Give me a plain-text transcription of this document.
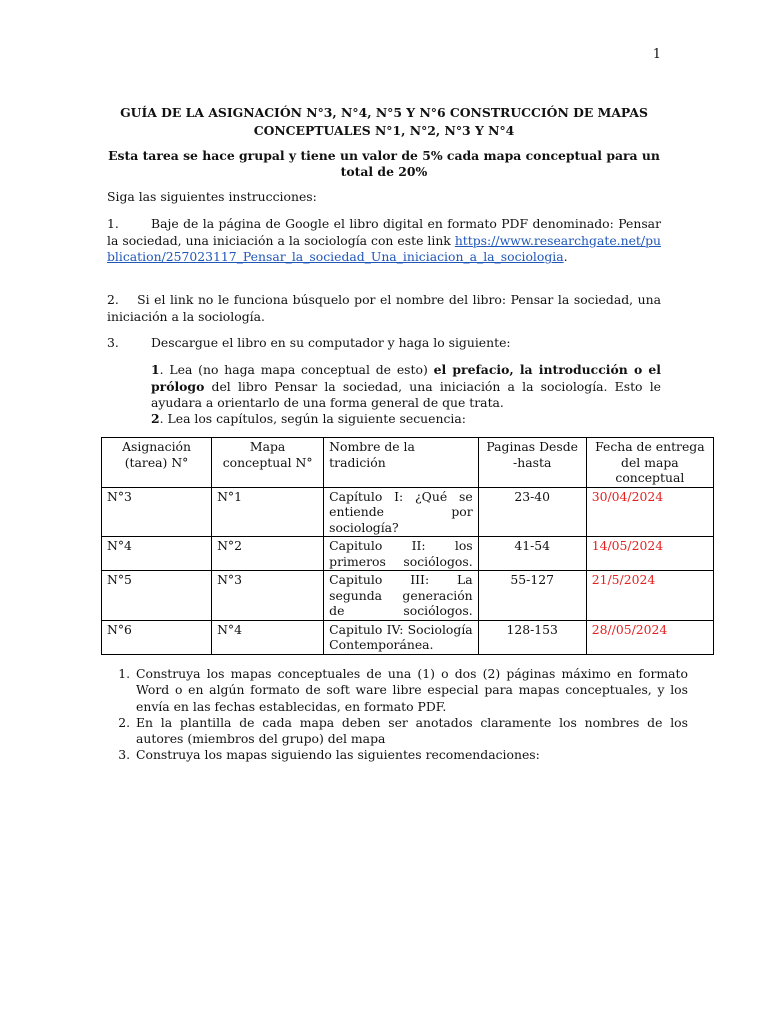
1
GUÍA DE LA ASIGNACIÓN N°3, N°4, N°5 Y N°6 CONSTRUCCIÓN DE MAPAS CONCEPTUALES N°1, N°2, N°3 Y N°4
Esta tarea se hace grupal y tiene un valor de 5% cada mapa conceptual para un total de 20%
Siga las siguientes instrucciones:
1.	Baje de la página de Google el libro digital en formato PDF denominado: Pensar la sociedad, una iniciación a la sociología con este link https://www.researchgate.net/publication/257023117_Pensar_la_sociedad_Una_iniciacion_a_la_sociologia.
2. Si el link no le funciona búsquelo por el nombre del libro: Pensar la sociedad, una iniciación a la sociología.
3.	Descargue el libro en su computador y haga lo siguiente:
1. Lea (no haga mapa conceptual de esto) el prefacio, la introducción o el prólogo del libro Pensar la sociedad, una iniciación a la sociología. Esto le ayudara a orientarlo de una forma general de que trata.
2. Lea los capítulos, según la siguiente secuencia:
Asignación (tarea) N°	Mapa conceptual N°	Nombre de la tradición	Paginas Desde -hasta	Fecha de entrega del mapa conceptual
N°3	N°1	Capítulo I: ¿Qué se entiende por sociología?	23-40	30/04/2024
N°4	N°2	Capitulo II: los primeros sociólogos.	41-54	14/05/2024
N°5	N°3	Capitulo III: La segunda generación de sociólogos.	55-127	21/5/2024
N°6	N°4	Capitulo IV: Sociología Contemporánea.	128-153	28//05/2024
1. Construya los mapas conceptuales de una (1) o dos (2) páginas máximo en formato Word o en algún formato de soft ware libre especial para mapas conceptuales, y los envía en las fechas establecidas, en formato PDF.
2. En la plantilla de cada mapa deben ser anotados claramente los nombres de los autores (miembros del grupo) del mapa
3. Construya los mapas siguiendo las siguientes recomendaciones:
